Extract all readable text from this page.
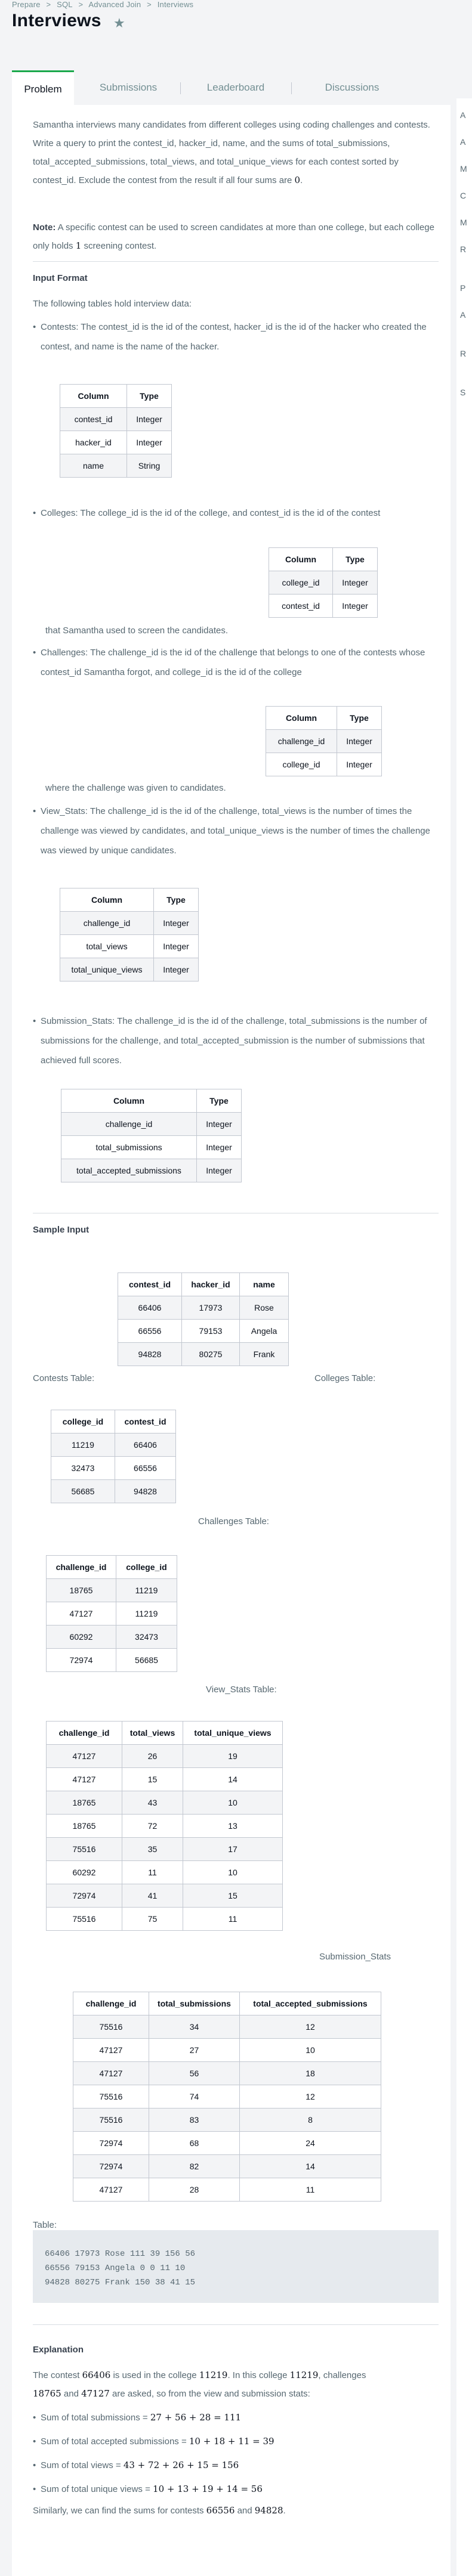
Prepare > SQL > Advanced Join > Interviews
Interviews ★
Problem	Submissions	Leaderboard	Discussions
A
A
M
C
M
R
P
A
R
S
Samantha interviews many candidates from different colleges using coding challenges and contests. Write a query to print the contest_id, hacker_id, name, and the sums of total_submissions, total_accepted_submissions, total_views, and total_unique_views for each contest sorted by contest_id. Exclude the contest from the result if all four sums are 0.
Note: A specific contest can be used to screen candidates at more than one college, but each college only holds 1 screening contest.
Input Format
The following tables hold interview data:
• Contests: The contest_id is the id of the contest, hacker_id is the id of the hacker who created the contest, and name is the name of the hacker.
Column	Type
contest_id	Integer
hacker_id	Integer
name	String
• Colleges: The college_id is the id of the college, and contest_id is the id of the contest
Column	Type
college_id	Integer
contest_id	Integer
that Samantha used to screen the candidates.
• Challenges: The challenge_id is the id of the challenge that belongs to one of the contests whose contest_id Samantha forgot, and college_id is the id of the college
Column	Type
challenge_id	Integer
college_id	Integer
where the challenge was given to candidates.
• View_Stats: The challenge_id is the id of the challenge, total_views is the number of times the challenge was viewed by candidates, and total_unique_views is the number of times the challenge was viewed by unique candidates.
Column	Type
challenge_id	Integer
total_views	Integer
total_unique_views	Integer
• Submission_Stats: The challenge_id is the id of the challenge, total_submissions is the number of submissions for the challenge, and total_accepted_submission is the number of submissions that achieved full scores.
Column	Type
challenge_id	Integer
total_submissions	Integer
total_accepted_submissions	Integer
Sample Input
contest_id	hacker_id	name
66406	17973	Rose
66556	79153	Angela
94828	80275	Frank
Contests Table:	Colleges Table:
college_id	contest_id
11219	66406
32473	66556
56685	94828
Challenges Table:
challenge_id	college_id
18765	11219
47127	11219
60292	32473
72974	56685
View_Stats Table:
challenge_id	total_views	total_unique_views
47127	26	19
47127	15	14
18765	43	10
18765	72	13
75516	35	17
60292	11	10
72974	41	15
75516	75	11
Submission_Stats
challenge_id	total_submissions	total_accepted_submissions
75516	34	12
47127	27	10
47127	56	18
75516	74	12
75516	83	8
72974	68	24
72974	82	14
47127	28	11
Table:
66406 17973 Rose 111 39 156 56
66556 79153 Angela 0 0 11 10
94828 80275 Frank 150 38 41 15
Explanation
The contest 66406 is used in the college 11219. In this college 11219, challenges
18765 and 47127 are asked, so from the view and submission stats:
• Sum of total submissions = 27 + 56 + 28 = 111
• Sum of total accepted submissions = 10 + 18 + 11 = 39
• Sum of total views = 43 + 72 + 26 + 15 = 156
• Sum of total unique views = 10 + 13 + 19 + 14 = 56
Similarly, we can find the sums for contests 66556 and 94828.
